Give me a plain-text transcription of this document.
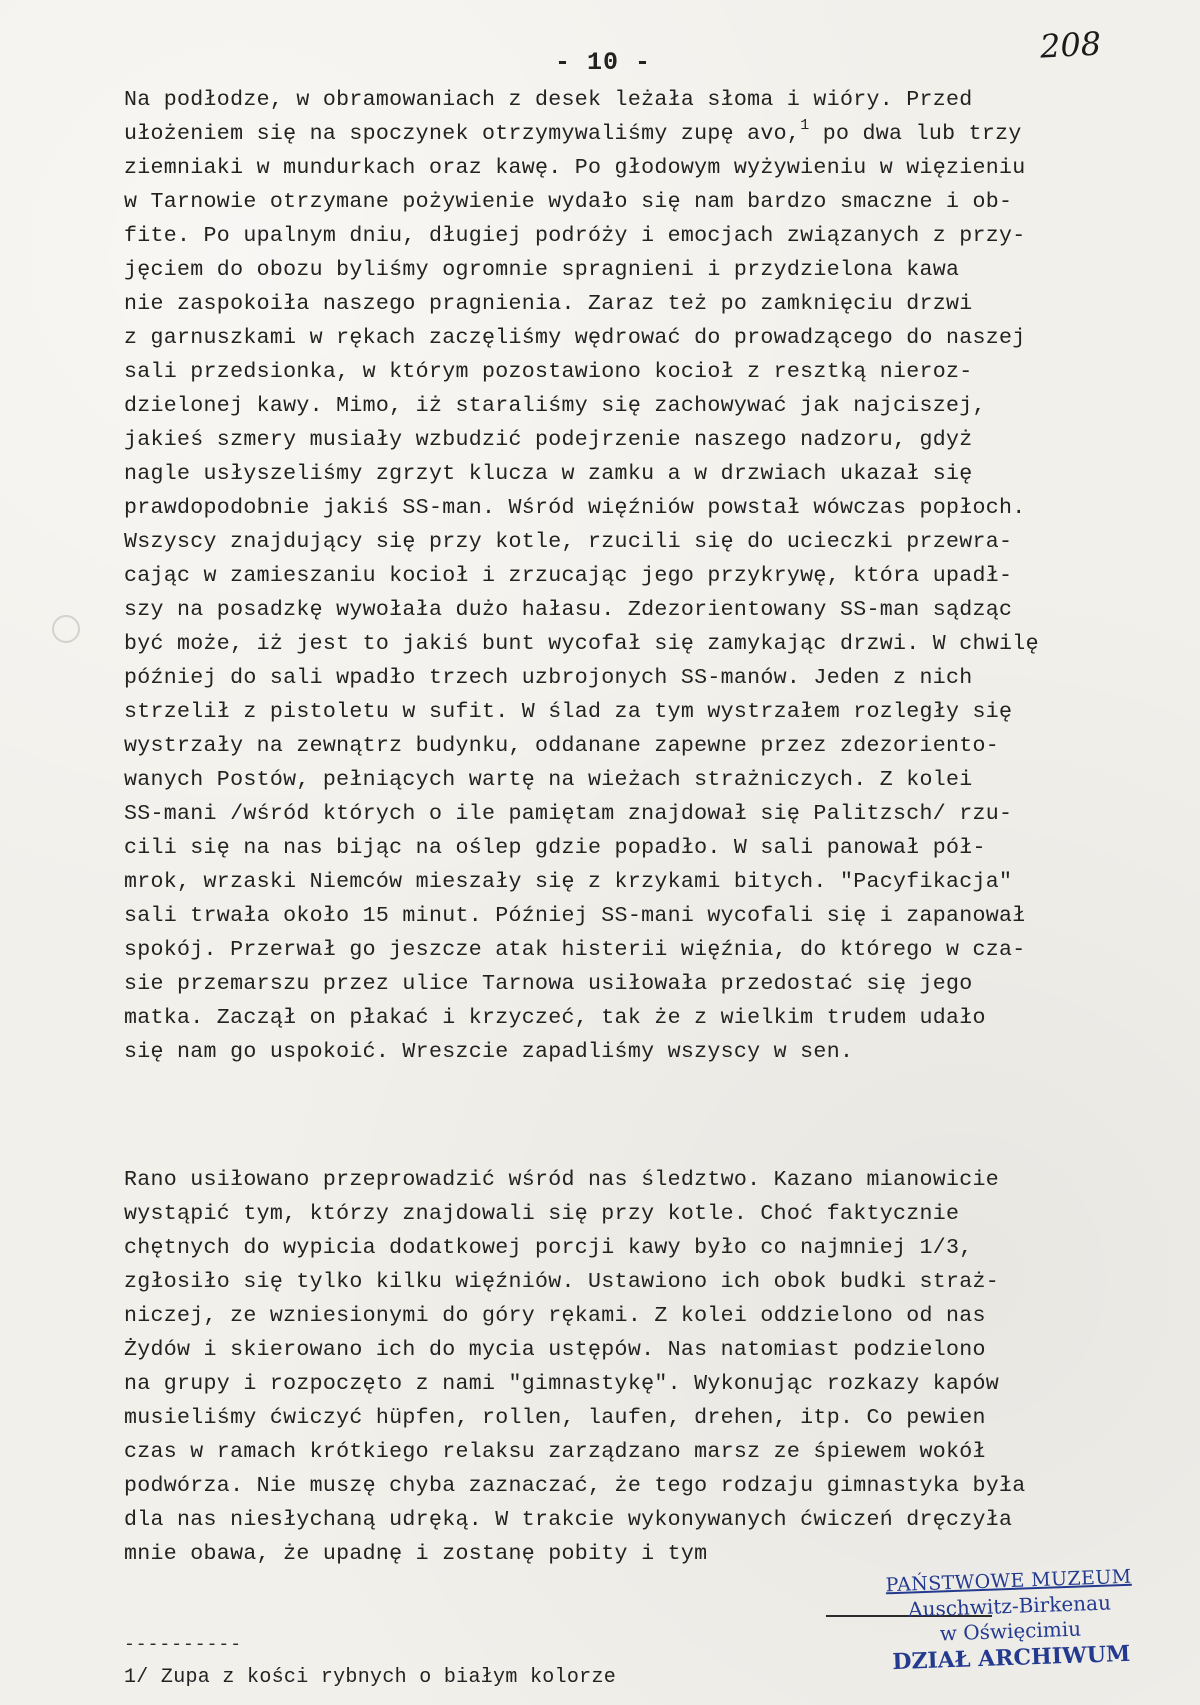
- 10 -	208

Na podłodze, w obramowaniach z desek leżała słoma i wióry. Przed
ułożeniem się na spoczynek otrzymywaliśmy zupę avo,$^1$ po dwa lub trzy
ziemniaki w mundurkach oraz kawę. Po głodowym wyżywieniu w więzieniu
w Tarnowie otrzymane pożywienie wydało się nam bardzo smaczne i ob-
fite. Po upalnym dniu, długiej podróży i emocjach związanych z przy-
jęciem do obozu byliśmy ogromnie spragnieni i przydzielona kawa
nie zaspokoiła naszego pragnienia. Zaraz też po zamknięciu drzwi
z garnuszkami w rękach zaczęliśmy wędrować do prowadzącego do naszej
sali przedsionka, w którym pozostawiono kocioł z resztką nieroz-
dzielonej kawy. Mimo, iż staraliśmy się zachowywać jak najciszej,
jakieś szmery musiały wzbudzić podejrzenie naszego nadzoru, gdyż
nagle usłyszeliśmy zgrzyt klucza w zamku a w drzwiach ukazał się
prawdopodobnie jakiś SS-man. Wśród więźniów powstał wówczas popłoch.
Wszyscy znajdujący się przy kotle, rzucili się do ucieczki przewra-
cając w zamieszaniu kocioł i zrzucając jego przykrywę, która upadł-
szy na posadzkę wywołała dużo hałasu. Zdezorientowany SS-man sądząc
być może, iż jest to jakiś bunt wycofał się zamykając drzwi. W chwilę
później do sali wpadło trzech uzbrojonych SS-manów. Jeden z nich
strzelił z pistoletu w sufit. W ślad za tym wystrzałem rozległy się
wystrzały na zewnątrz budynku, oddanane zapewne przez zdezoriento-
wanych Postów, pełniących wartę na wieżach strażniczych. Z kolei
SS-mani /wśród których o ile pamiętam znajdował się Palitzsch/ rzu-
cili się na nas bijąc na oślep gdzie popadło. W sali panował pół-
mrok, wrzaski Niemców mieszały się z krzykami bitych. "Pacyfikacja"
sali trwała około 15 minut. Później SS-mani wycofali się i zapanował
spokój. Przerwał go jeszcze atak histerii więźnia, do którego w cza-
sie przemarszu przez ulice Tarnowa usiłowała przedostać się jego
matka. Zaczął on płakać i krzyczeć, tak że z wielkim trudem udało
się nam go uspokoić. Wreszcie zapadliśmy wszyscy w sen.

Rano usiłowano przeprowadzić wśród nas śledztwo. Kazano mianowicie
wystąpić tym, którzy znajdowali się przy kotle. Choć faktycznie
chętnych do wypicia dodatkowej porcji kawy było co najmniej 1/3,
zgłosiło się tylko kilku więźniów. Ustawiono ich obok budki straż-
niczej, ze wzniesionymi do góry rękami. Z kolei oddzielono od nas
Żydów i skierowano ich do mycia ustępów. Nas natomiast podzielono
na grupy i rozpoczęto z nami "gimnastykę". Wykonując rozkazy kapów
musieliśmy ćwiczyć hüpfen, rollen, laufen, drehen, itp. Co pewien
czas w ramach krótkiego relaksu zarządzano marsz ze śpiewem wokół
podwórza. Nie muszę chyba zaznaczać, że tego rodzaju gimnastyka była
dla nas niesłychaną udręką. W trakcie wykonywanych ćwiczeń dręczyła
mnie obawa, że upadnę i zostanę pobity i tym

----------
1/ Zupa z kości rybnych o białym kolorze
PAŃSTWOWE MUZEUM
Auschwitz-Birkenau
w Oświęcimiu
DZIAŁ ARCHIWUM
